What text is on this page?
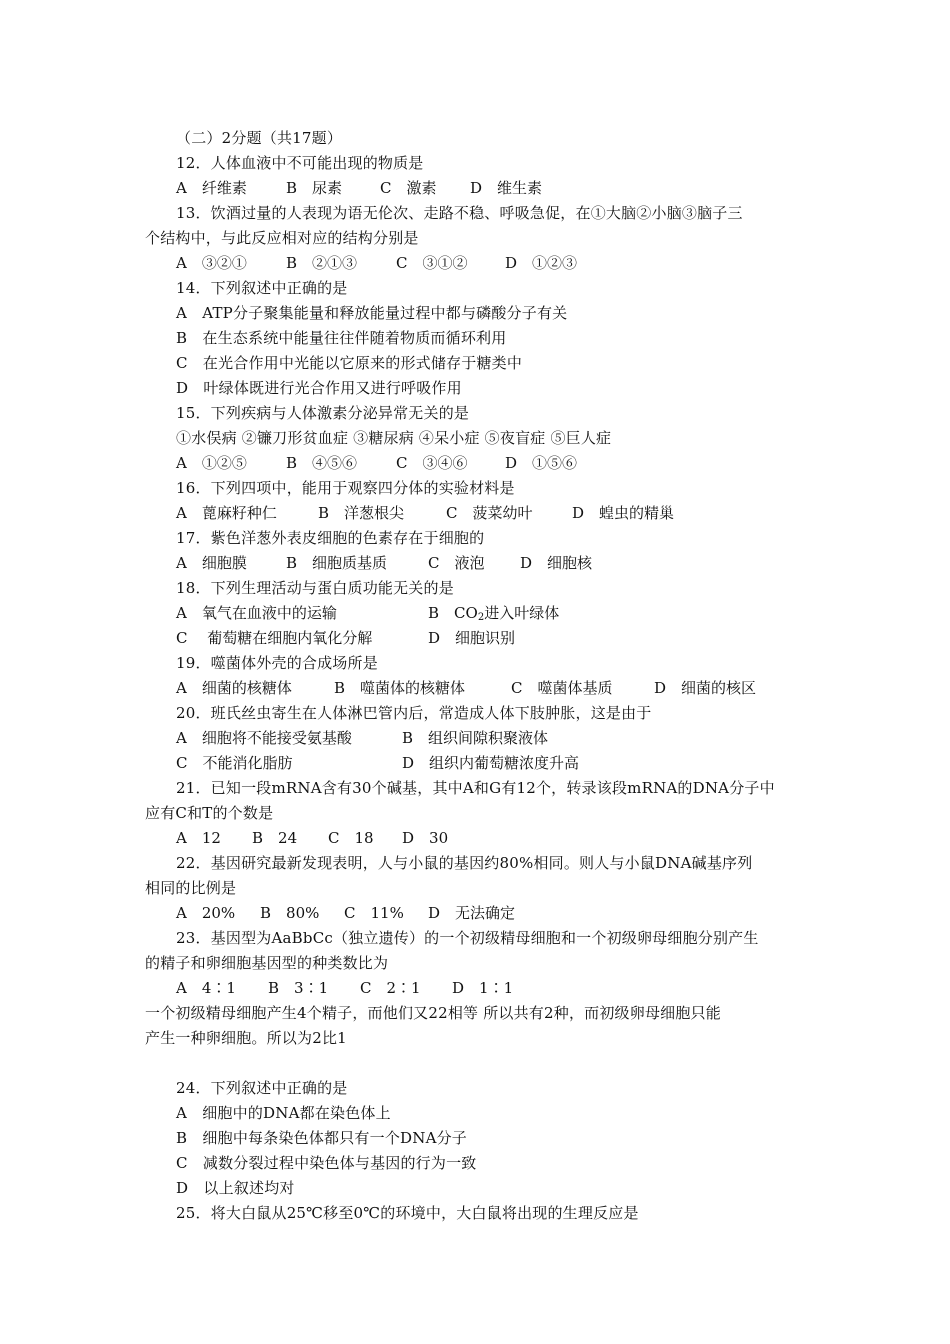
（二）2分题（共17题）
12．人体血液中不可能出现的物质是
A　纤维素	B　尿素	C　激素 D　维生素
13．饮酒过量的人表现为语无伦次、走路不稳、呼吸急促，在①大脑②小脑③脑子三
个结构中，与此反应相对应的结构分别是
A　③②①	B　②①③	C　③①②	D　①②③
14．下列叙述中正确的是
A　ATP分子聚集能量和释放能量过程中都与磷酸分子有关
B　在生态系统中能量往往伴随着物质而循环利用
C　在光合作用中光能以它原来的形式储存于糖类中
D　叶绿体既进行光合作用又进行呼吸作用
15．下列疾病与人体激素分泌异常无关的是
①水俣病 ②镰刀形贫血症 ③糖尿病 ④呆小症 ⑤夜盲症 ⑤巨人症
A　①②⑤	B　④⑤⑥	C　③④⑥	D　①⑤⑥
16．下列四项中，能用于观察四分体的实验材料是
A　蓖麻籽种仁	B　洋葱根尖	C　菠菜幼叶	D　蝗虫的精巢
17．紫色洋葱外表皮细胞的色素存在于细胞的
A　细胞膜	B　细胞质基质	C　液泡 D　细胞核
18．下列生理活动与蛋白质功能无关的是
A　氧气在血液中的运输	B　$CO_2$进入叶绿体
C　 葡萄糖在细胞内氧化分解	D　细胞识别
19．噬菌体外壳的合成场所是
A　细菌的核糖体	B　噬菌体的核糖体	C　噬菌体基质	D　细菌的核区
20．班氏丝虫寄生在人体淋巴管内后，常造成人体下肢肿胀，这是由于
A　细胞将不能接受氨基酸	B　组织间隙积聚液体
C　不能消化脂肪	D　组织内葡萄糖浓度升高
21．已知一段mRNA含有30个碱基，其中A和G有12个，转录该段mRNA的DNA分子中
应有C和T的个数是
A　12 B　24 C　18 D　30
22．基因研究最新发现表明，人与小鼠的基因约80%相同。则人与小鼠DNA碱基序列
相同的比例是
A　20% B　80% C　11% D　无法确定
23．基因型为AaBbCc（独立遗传）的一个初级精母细胞和一个初级卵母细胞分别产生
的精子和卵细胞基因型的种类数比为
A　4∶1 B　3∶1 C　2∶1 D　1∶1
一个初级精母细胞产生4个精子，而他们又22相等 所以共有2种，而初级卵母细胞只能
产生一种卵细胞。所以为2比1
24．下列叙述中正确的是
A　细胞中的DNA都在染色体上
B　细胞中每条染色体都只有一个DNA分子
C　减数分裂过程中染色体与基因的行为一致
D　以上叙述均对
25．将大白鼠从25℃移至0℃的环境中，大白鼠将出现的生理反应是
